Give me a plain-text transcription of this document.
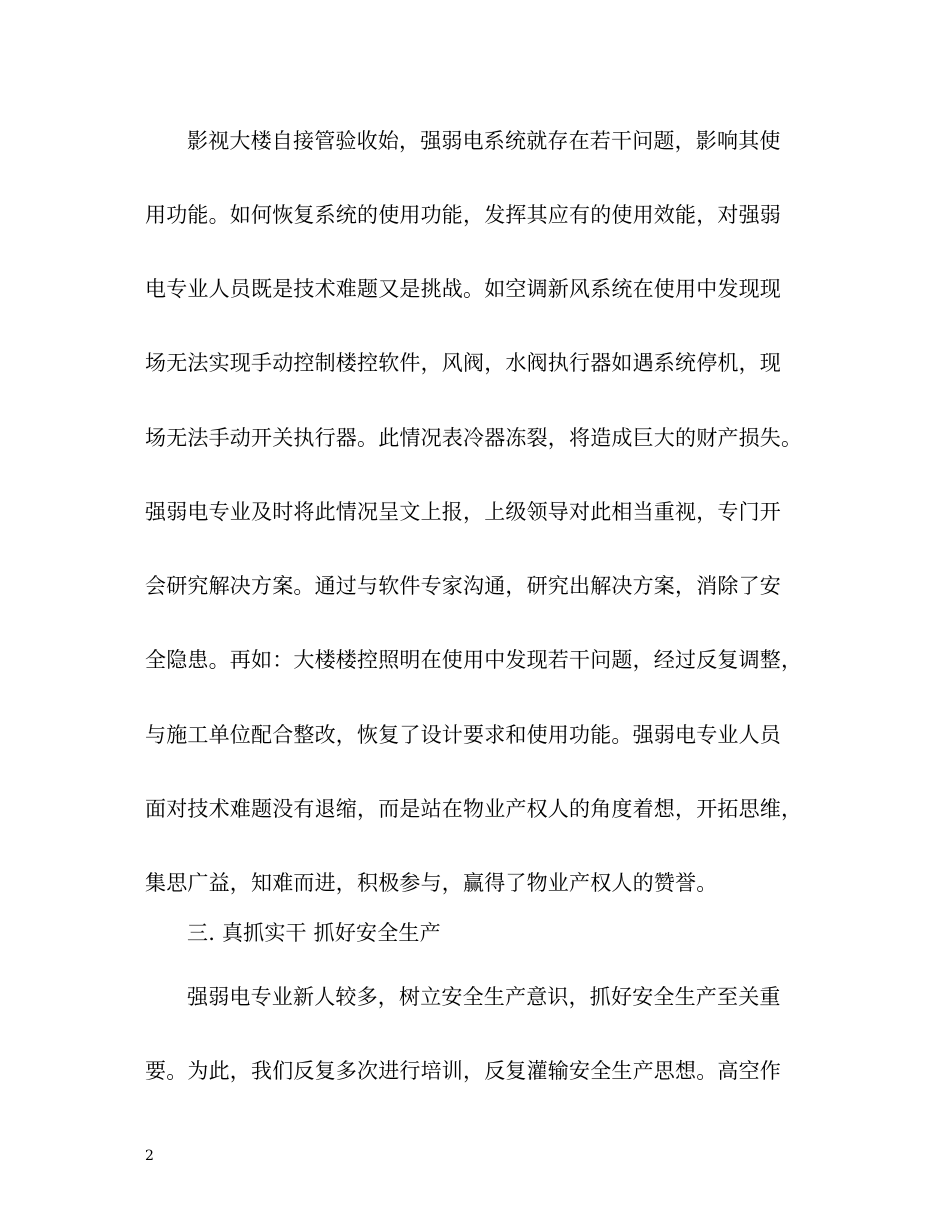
影视大楼自接管验收始，强弱电系统就存在若干问题，影响其使
用功能。如何恢复系统的使用功能，发挥其应有的使用效能，对强弱
电专业人员既是技术难题又是挑战。如空调新风系统在使用中发现现
场无法实现手动控制楼控软件，风阀，水阀执行器如遇系统停机，现
场无法手动开关执行器。此情况表冷器冻裂，将造成巨大的财产损失。
强弱电专业及时将此情况呈文上报，上级领导对此相当重视，专门开
会研究解决方案。通过与软件专家沟通，研究出解决方案，消除了安
全隐患。再如：大楼楼控照明在使用中发现若干问题，经过反复调整，
与施工单位配合整改，恢复了设计要求和使用功能。强弱电专业人员
面对技术难题没有退缩，而是站在物业产权人的角度着想，开拓思维，
集思广益，知难而进，积极参与，赢得了物业产权人的赞誉。
三. 真抓实干 抓好安全生产
强弱电专业新人较多，树立安全生产意识，抓好安全生产至关重
要。为此，我们反复多次进行培训，反复灌输安全生产思想。高空作
2
